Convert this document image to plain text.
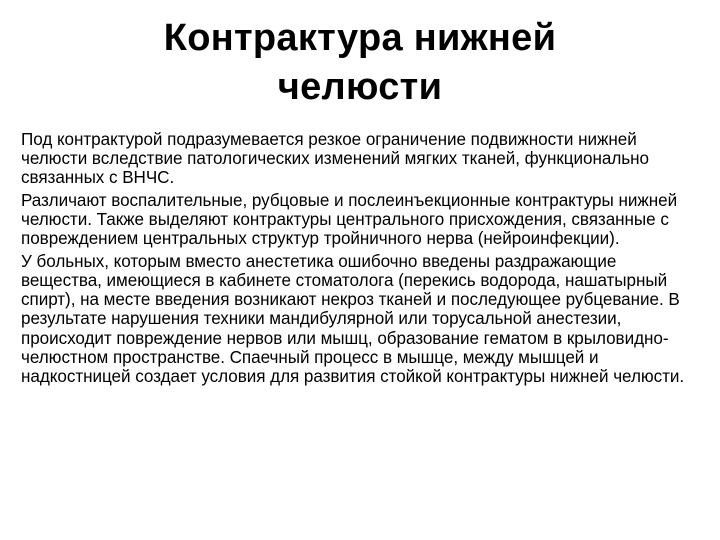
Контрактура нижней
челюсти

Под контрактурой подразумевается резкое ограничение подвижности нижней челюсти вследствие патологических изменений мягких тканей, функционально связанных с ВНЧС.

Различают воспалительные, рубцовые и послеинъекционные контрактуры нижней челюсти. Также выделяют контрактуры центрального присхождения, связанные с повреждением центральных структур тройничного нерва (нейроинфекции).

У больных, которым вместо анестетика ошибочно введены раздражающие вещества, имеющиеся в кабинете стоматолога (перекись водорода, нашатырный спирт), на месте введения возникают некроз тканей и последующее рубцевание. В результате нарушения техники мандибулярной или торусальной анестезии, происходит повреждение нервов или мышц, образование гематом в крыловидно-челюстном пространстве. Спаечный процесс в мышце, между мышцей и надкостницей создает условия для развития стойкой контрактуры нижней челюсти.
